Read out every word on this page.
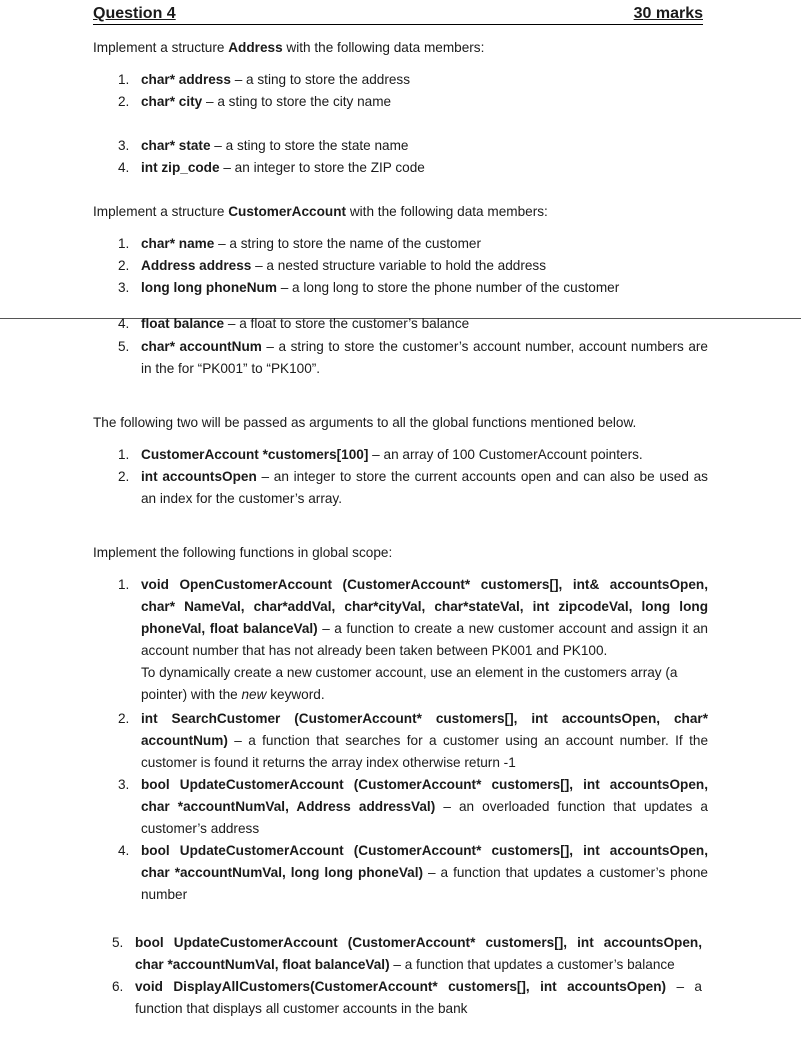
Question 4	30 marks
Implement a structure Address with the following data members:
1. char* address – a sting to store the address
2. char* city – a sting to store the city name
3. char* state – a sting to store the state name
4. int zip_code – an integer to store the ZIP code
Implement a structure CustomerAccount with the following data members:
1. char* name – a string to store the name of the customer
2. Address address – a nested structure variable to hold the address
3. long long phoneNum – a long long to store the phone number of the customer
4. float balance – a float to store the customer’s balance
5. char* accountNum – a string to store the customer’s account number, account numbers are in the for “PK001” to “PK100”.
The following two will be passed as arguments to all the global functions mentioned below.
1. CustomerAccount *customers[100] – an array of 100 CustomerAccount pointers.
2. int accountsOpen – an integer to store the current accounts open and can also be used as an index for the customer’s array.
Implement the following functions in global scope:
1. void OpenCustomerAccount (CustomerAccount* customers[], int& accountsOpen, char* NameVal, char*addVal, char*cityVal, char*stateVal, int zipcodeVal, long long phoneVal, float balanceVal) – a function to create a new customer account and assign it an account number that has not already been taken between PK001 and PK100.
To dynamically create a new customer account, use an element in the customers array (a pointer) with the new keyword.
2. int SearchCustomer (CustomerAccount* customers[], int accountsOpen, char* accountNum) – a function that searches for a customer using an account number. If the customer is found it returns the array index otherwise return -1
3. bool UpdateCustomerAccount (CustomerAccount* customers[], int accountsOpen, char *accountNumVal, Address addressVal) – an overloaded function that updates a customer’s address
4. bool UpdateCustomerAccount (CustomerAccount* customers[], int accountsOpen, char *accountNumVal, long long phoneVal) – a function that updates a customer’s phone number
5. bool UpdateCustomerAccount (CustomerAccount* customers[], int accountsOpen, char *accountNumVal, float balanceVal) – a function that updates a customer’s balance
6. void DisplayAllCustomers(CustomerAccount* customers[], int accountsOpen) – a function that displays all customer accounts in the bank
